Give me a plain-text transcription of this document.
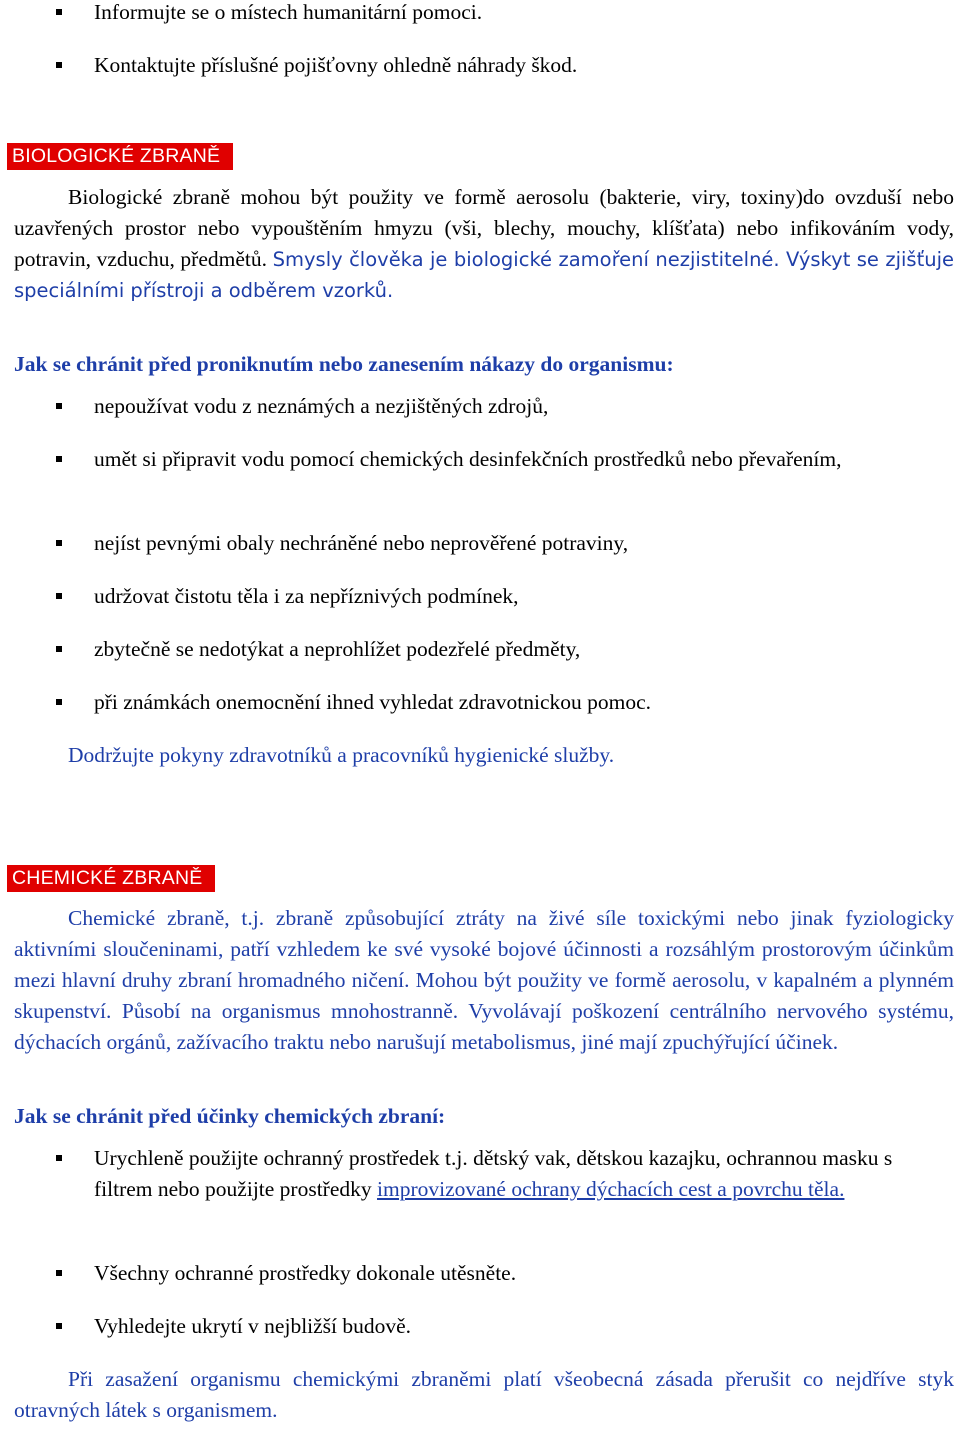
Informujte se o místech humanitární pomoci.
Kontaktujte příslušné pojišťovny ohledně náhrady škod.
BIOLOGICKÉ ZBRANĚ
Biologické zbraně mohou být použity ve formě aerosolu (bakterie, viry, toxiny)do ovzduší nebo uzavřených prostor nebo vypouštěním hmyzu (vši, blechy, mouchy, klíšťata) nebo infikováním vody, potravin, vzduchu, předmětů. Smysly člověka je biologické zamoření nezjistitelné. Výskyt se zjišťuje speciálními přístroji a odběrem vzorků.
Jak se chránit před proniknutím nebo zanesením nákazy do organismu:
nepoužívat vodu z neznámých a nezjištěných zdrojů,
umět si připravit vodu pomocí chemických desinfekčních prostředků nebo převařením,
nejíst pevnými obaly nechráněné nebo neprověřené potraviny,
udržovat čistotu těla i za nepříznivých podmínek,
zbytečně se nedotýkat a neprohlížet podezřelé předměty,
při známkách onemocnění ihned vyhledat zdravotnickou pomoc.
Dodržujte pokyny zdravotníků a pracovníků hygienické služby.
CHEMICKÉ ZBRANĚ
Chemické zbraně, t.j. zbraně způsobující ztráty na živé síle toxickými nebo jinak fyziologicky aktivními sloučeninami, patří vzhledem ke své vysoké bojové účinnosti a rozsáhlým prostorovým účinkům mezi hlavní druhy zbraní hromadného ničení. Mohou být použity ve formě aerosolu, v kapalném a plynném skupenství. Působí na organismus mnohostranně. Vyvolávají poškození centrálního nervového systému, dýchacích orgánů, zažívacího traktu nebo narušují metabolismus, jiné mají zpuchýřující účinek.
Jak se chránit před účinky chemických zbraní:
Urychleně použijte ochranný prostředek t.j. dětský vak, dětskou kazajku, ochrannou masku s filtrem nebo použijte prostředky improvizované ochrany dýchacích cest a povrchu těla.
Všechny ochranné prostředky dokonale utěsněte.
Vyhledejte ukrytí v nejbližší budově.
Při zasažení organismu chemickými zbraněmi platí všeobecná zásada přerušit co nejdříve styk otravných látek s organismem.
